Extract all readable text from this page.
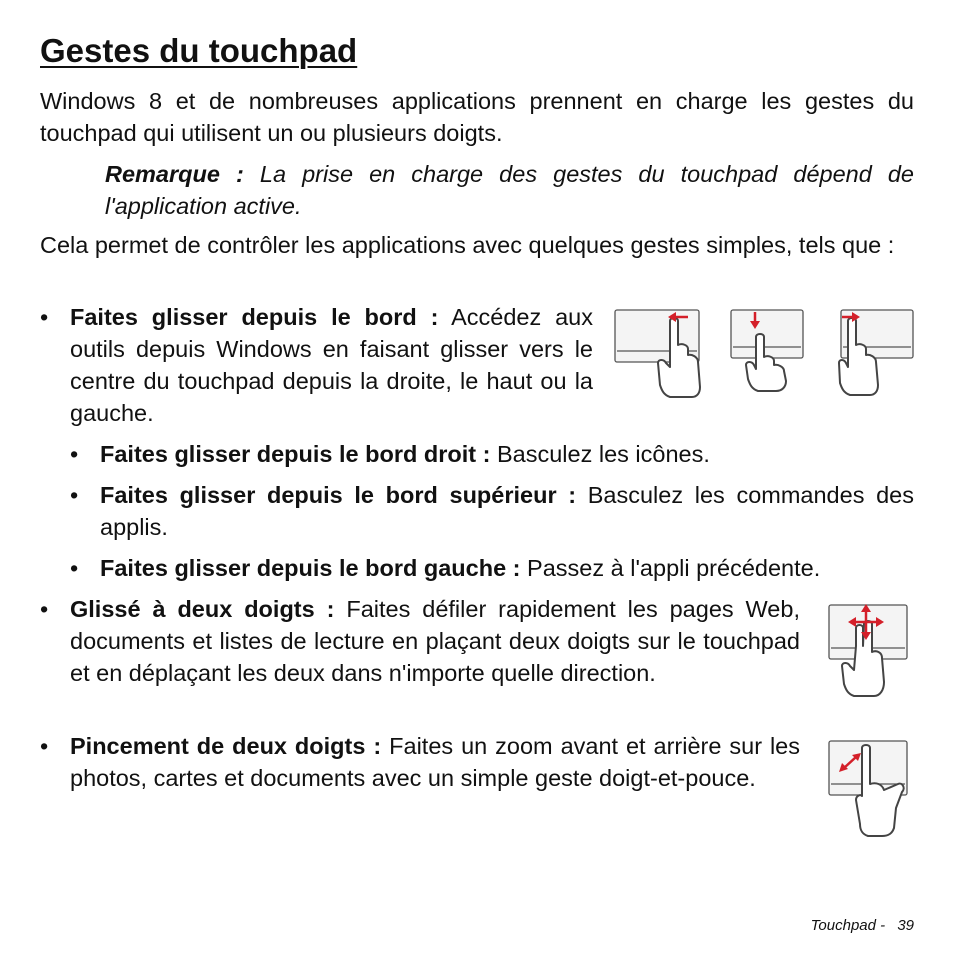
Gestes du touchpad

Windows 8 et de nombreuses applications prennent en charge les gestes du touchpad qui utilisent un ou plusieurs doigts.

Remarque : La prise en charge des gestes du touchpad dépend de l'application active.

Cela permet de contrôler les applications avec quelques gestes simples, tels que :

• Faites glisser depuis le bord : Accédez aux outils depuis Windows en faisant glisser vers le centre du touchpad depuis la droite, le haut ou la gauche.

• Faites glisser depuis le bord droit : Basculez les icônes.

• Faites glisser depuis le bord supérieur : Basculez les commandes des applis.

• Faites glisser depuis le bord gauche : Passez à l'appli précédente.

• Glissé à deux doigts : Faites défiler rapidement les pages Web, documents et listes de lecture en plaçant deux doigts sur le touchpad et en déplaçant les deux dans n'importe quelle direction.

• Pincement de deux doigts : Faites un zoom avant et arrière sur les photos, cartes et documents avec un simple geste doigt-et-pouce.

Touchpad - 39
